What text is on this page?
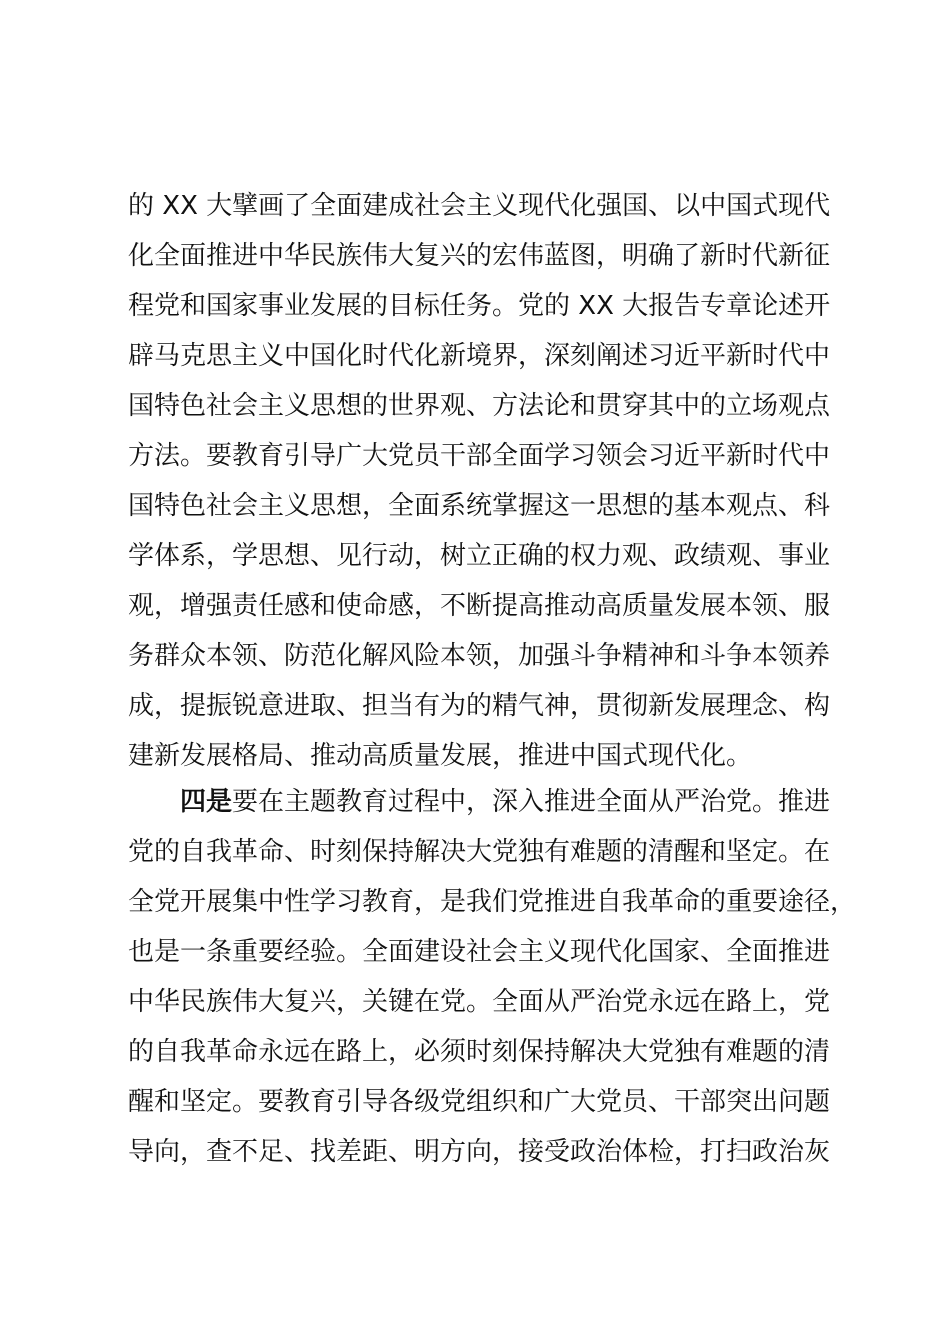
的 XX 大擘画了全面建成社会主义现代化强国、以中国式现代
化全面推进中华民族伟大复兴的宏伟蓝图，明确了新时代新征
程党和国家事业发展的目标任务。党的 XX 大报告专章论述开
辟马克思主义中国化时代化新境界，深刻阐述习近平新时代中
国特色社会主义思想的世界观、方法论和贯穿其中的立场观点
方法。要教育引导广大党员干部全面学习领会习近平新时代中
国特色社会主义思想，全面系统掌握这一思想的基本观点、科
学体系，学思想、见行动，树立正确的权力观、政绩观、事业
观，增强责任感和使命感，不断提高推动高质量发展本领、服
务群众本领、防范化解风险本领，加强斗争精神和斗争本领养
成，提振锐意进取、担当有为的精气神，贯彻新发展理念、构
建新发展格局、推动高质量发展，推进中国式现代化。
四是要在主题教育过程中，深入推进全面从严治党。推进
党的自我革命、时刻保持解决大党独有难题的清醒和坚定。在
全党开展集中性学习教育，是我们党推进自我革命的重要途径，
也是一条重要经验。全面建设社会主义现代化国家、全面推进
中华民族伟大复兴，关键在党。全面从严治党永远在路上，党
的自我革命永远在路上，必须时刻保持解决大党独有难题的清
醒和坚定。要教育引导各级党组织和广大党员、干部突出问题
导向，查不足、找差距、明方向，接受政治体检，打扫政治灰
